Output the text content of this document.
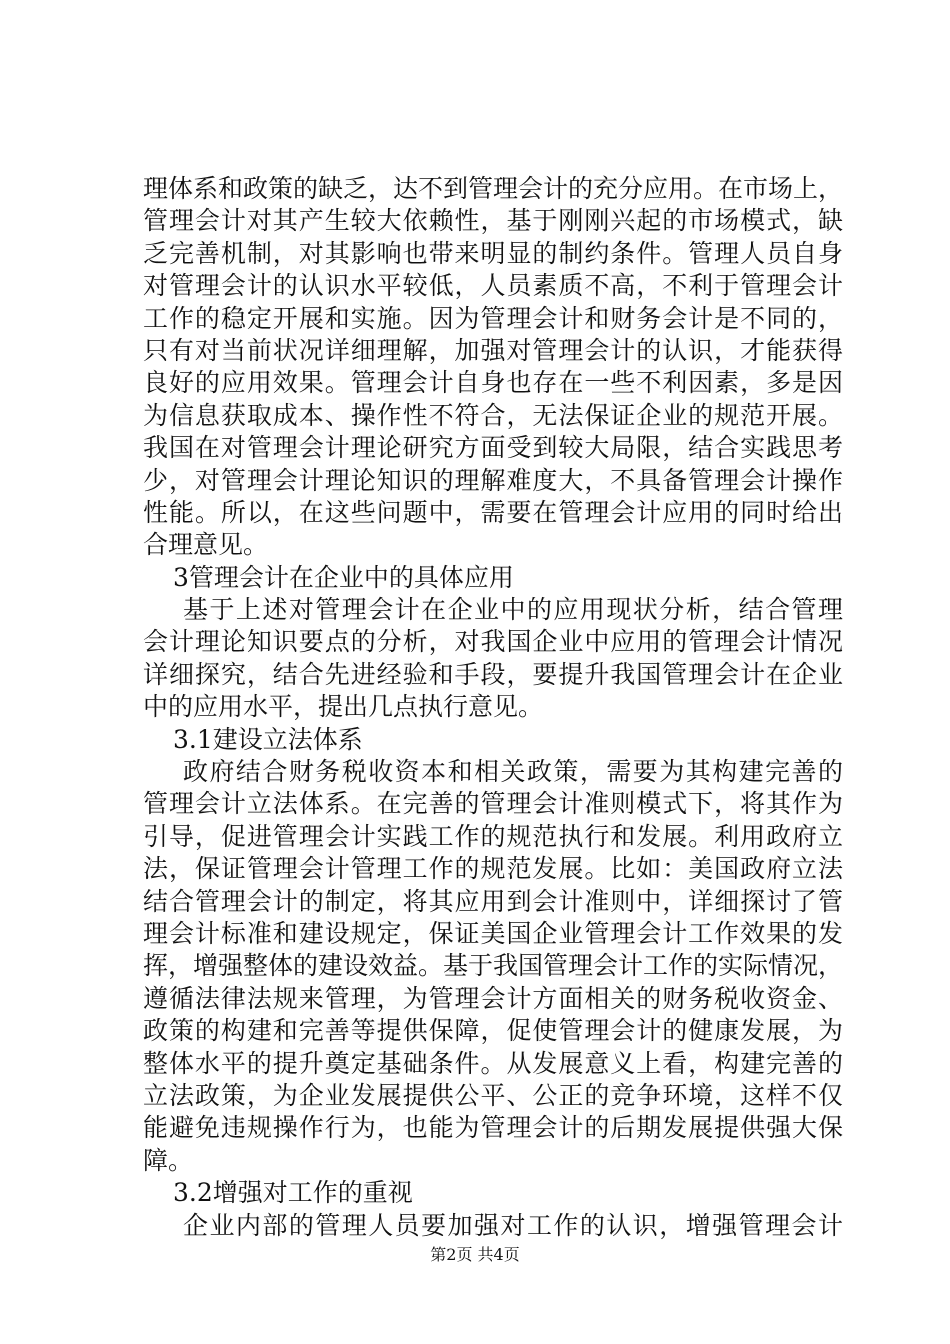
理体系和政策的缺乏，达不到管理会计的充分应用。在市场上，
管理会计对其产生较大依赖性，基于刚刚兴起的市场模式，缺
乏完善机制，对其影响也带来明显的制约条件。管理人员自身
对管理会计的认识水平较低，人员素质不高，不利于管理会计
工作的稳定开展和实施。因为管理会计和财务会计是不同的，
只有对当前状况详细理解，加强对管理会计的认识，才能获得
良好的应用效果。管理会计自身也存在一些不利因素，多是因
为信息获取成本、操作性不符合，无法保证企业的规范开展。
我国在对管理会计理论研究方面受到较大局限，结合实践思考
少，对管理会计理论知识的理解难度大，不具备管理会计操作
性能。所以，在这些问题中，需要在管理会计应用的同时给出
合理意见。
3管理会计在企业中的具体应用
基于上述对管理会计在企业中的应用现状分析，结合管理
会计理论知识要点的分析，对我国企业中应用的管理会计情况
详细探究，结合先进经验和手段，要提升我国管理会计在企业
中的应用水平，提出几点执行意见。
3.1建设立法体系
政府结合财务税收资本和相关政策，需要为其构建完善的
管理会计立法体系。在完善的管理会计准则模式下，将其作为
引导，促进管理会计实践工作的规范执行和发展。利用政府立
法，保证管理会计管理工作的规范发展。比如：美国政府立法
结合管理会计的制定，将其应用到会计准则中，详细探讨了管
理会计标准和建设规定，保证美国企业管理会计工作效果的发
挥，增强整体的建设效益。基于我国管理会计工作的实际情况，
遵循法律法规来管理，为管理会计方面相关的财务税收资金、
政策的构建和完善等提供保障，促使管理会计的健康发展，为
整体水平的提升奠定基础条件。从发展意义上看，构建完善的
立法政策，为企业发展提供公平、公正的竞争环境，这样不仅
能避免违规操作行为，也能为管理会计的后期发展提供强大保
障。
3.2增强对工作的重视
企业内部的管理人员要加强对工作的认识，增强管理会计
第2页 共4页
